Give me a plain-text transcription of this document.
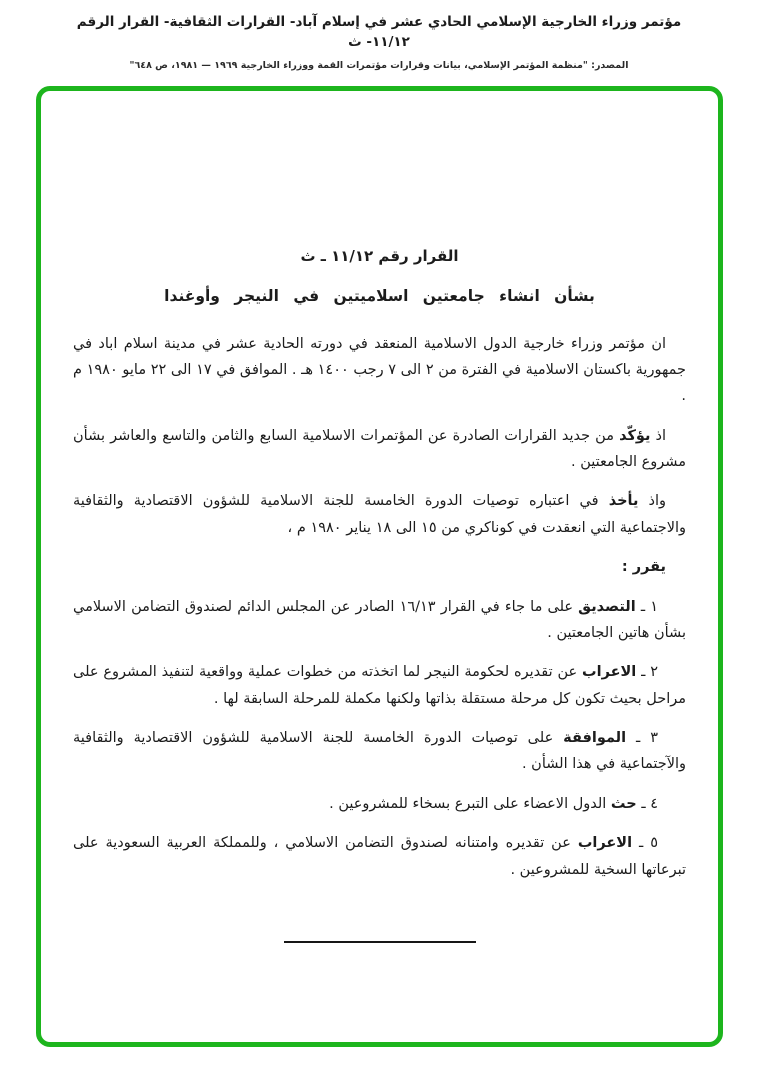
مؤتمر وزراء الخارجية الإسلامي الحادي عشر في إسلام آباد- القرارات الثقافية- القرار الرقم ١١/١٢- ث
المصدر: "منظمة المؤتمر الإسلامي، بيانات وقرارات مؤتمرات القمة ووزراء الخارجية ١٩٦٩ — ١٩٨١، ص ٦٤٨"
القرار رقم ١١/١٢ ـ ث
بشأن انشاء جامعتين اسلاميتين في النيجر وأوغندا

ان مؤتمر وزراء خارجية الدول الاسلامية المنعقد في دورته الحادية عشر في مدينة اسلام اباد في جمهورية باكستان الاسلامية في الفترة من ٢ الى ٧ رجب ١٤٠٠ هـ . الموافق في ١٧ الى ٢٢ مايو ١٩٨٠ م .

اذ يؤكّد من جديد القرارات الصادرة عن المؤتمرات الاسلامية السابع والثامن والتاسع والعاشر بشأن مشروع الجامعتين .

واذ يأخذ في اعتباره توصيات الدورة الخامسة للجنة الاسلامية للشؤون الاقتصادية والثقافية والاجتماعية التي انعقدت في كوناكري من ١٥ الى ١٨ يناير ١٩٨٠ م ،

يقرر :

١ ـ التصديق على ما جاء في القرار ١٦/١٣ الصادر عن المجلس الدائم لصندوق التضامن الاسلامي بشأن هاتين الجامعتين .

٢ ـ الاعراب عن تقديره لحكومة النيجر لما اتخذته من خطوات عملية وواقعية لتنفيذ المشروع على مراحل بحيث تكون كل مرحلة مستقلة بذاتها ولكنها مكملة للمرحلة السابقة لها .

٣ ـ الموافقة على توصيات الدورة الخامسة للجنة الاسلامية للشؤون الاقتصادية والثقافية والآجتماعية في هذا الشأن .

٤ ـ حث الدول الاعضاء على التبرع بسخاء للمشروعين .

٥ ـ الاعراب عن تقديره وامتنانه لصندوق التضامن الاسلامي ، وللمملكة العربية السعودية على تبرعاتها السخية للمشروعين .
